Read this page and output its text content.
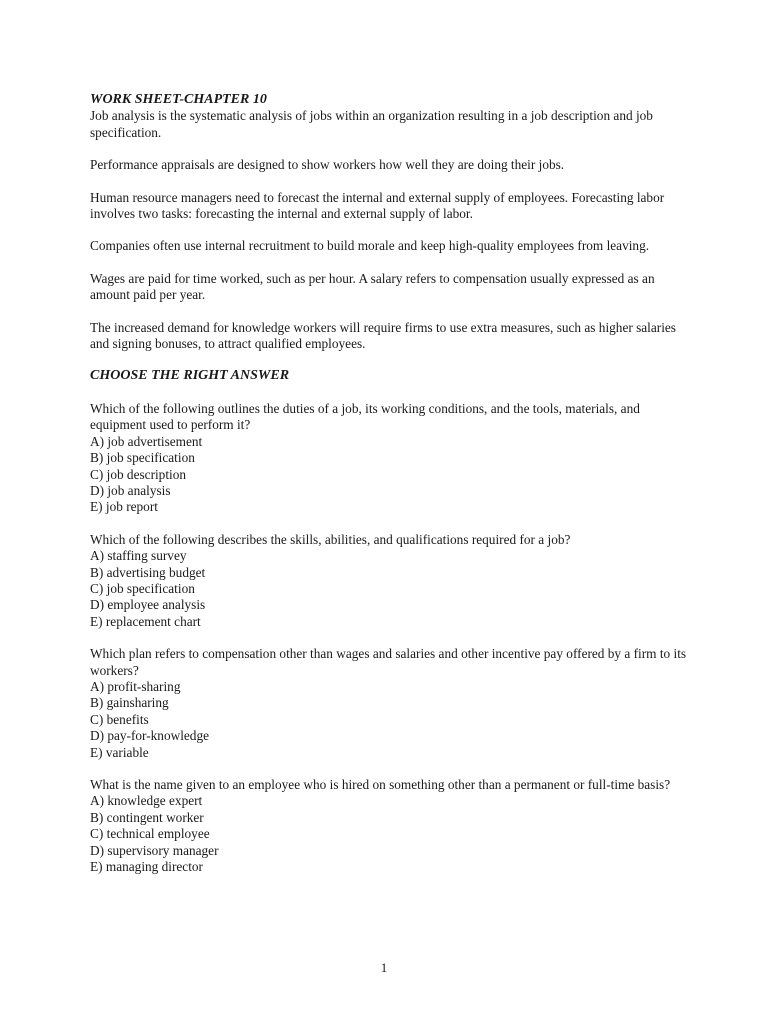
WORK SHEET-CHAPTER 10

Job analysis is the systematic analysis of jobs within an organization resulting in a job description and job specification.

Performance appraisals are designed to show workers how well they are doing their jobs.

Human resource managers need to forecast the internal and external supply of employees. Forecasting labor involves two tasks: forecasting the internal and external supply of labor.

Companies often use internal recruitment to build morale and keep high-quality employees from leaving.

Wages are paid for time worked, such as per hour. A salary refers to compensation usually expressed as an amount paid per year.

The increased demand for knowledge workers will require firms to use extra measures, such as higher salaries and signing bonuses, to attract qualified employees.

CHOOSE THE RIGHT ANSWER
Which of the following outlines the duties of a job, its working conditions, and the tools, materials, and equipment used to perform it?
A) job advertisement
B) job specification
C) job description
D) job analysis
E) job report
Which of the following describes the skills, abilities, and qualifications required for a job?
A) staffing survey
B) advertising budget
C) job specification
D) employee analysis
E) replacement chart
Which plan refers to compensation other than wages and salaries and other incentive pay offered by a firm to its workers?
A) profit-sharing
B) gainsharing
C) benefits
D) pay-for-knowledge
E) variable
What is the name given to an employee who is hired on something other than a permanent or full-time basis?
A) knowledge expert
B) contingent worker
C) technical employee
D) supervisory manager
E) managing director
1
